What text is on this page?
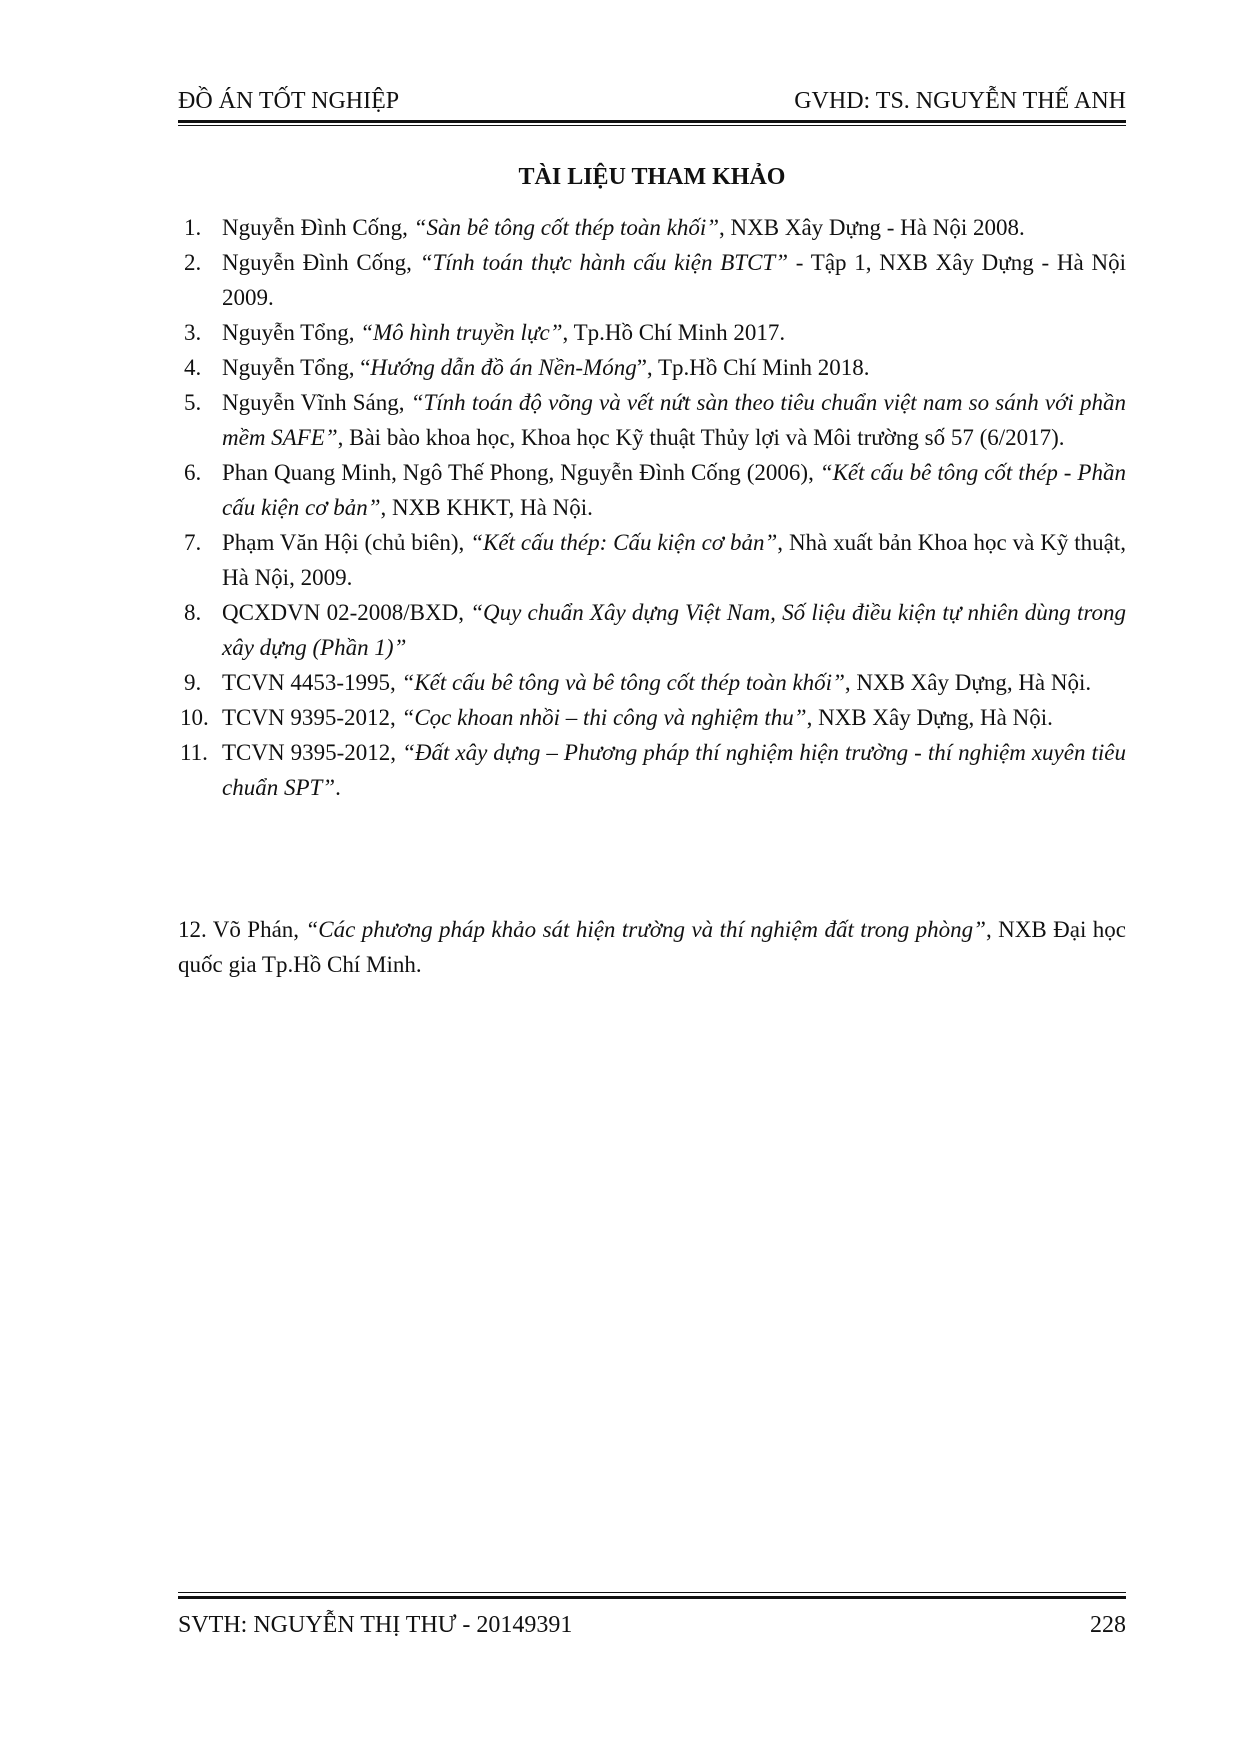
ĐỒ ÁN TỐT NGHIỆP	GVHD: TS. NGUYỄN THẾ ANH
TÀI LIỆU THAM KHẢO
1. Nguyễn Đình Cống, “Sàn bê tông cốt thép toàn khối”, NXB Xây Dựng - Hà Nội 2008.
2. Nguyễn Đình Cống, “Tính toán thực hành cấu kiện BTCT” - Tập 1, NXB Xây Dựng - Hà Nội 2009.
3. Nguyễn Tổng, “Mô hình truyền lực”, Tp.Hồ Chí Minh 2017.
4. Nguyễn Tổng, “Hướng dẫn đồ án Nền-Móng”, Tp.Hồ Chí Minh 2018.
5. Nguyễn Vĩnh Sáng, “Tính toán độ võng và vết nứt sàn theo tiêu chuẩn việt nam so sánh với phần mềm SAFE”, Bài bào khoa học, Khoa học Kỹ thuật Thủy lợi và Môi trường số 57 (6/2017).
6. Phan Quang Minh, Ngô Thế Phong, Nguyễn Đình Cống (2006), “Kết cấu bê tông cốt thép - Phần cấu kiện cơ bản”, NXB KHKT, Hà Nội.
7. Phạm Văn Hội (chủ biên), “Kết cấu thép: Cấu kiện cơ bản”, Nhà xuất bản Khoa học và Kỹ thuật, Hà Nội, 2009.
8. QCXDVN 02-2008/BXD, “Quy chuẩn Xây dựng Việt Nam, Số liệu điều kiện tự nhiên dùng trong xây dựng (Phần 1)”
9. TCVN 4453-1995, “Kết cấu bê tông và bê tông cốt thép toàn khối”, NXB Xây Dựng, Hà Nội.
10. TCVN 9395-2012, “Cọc khoan nhồi – thi công và nghiệm thu”, NXB Xây Dựng, Hà Nội.
11. TCVN 9395-2012, “Đất xây dựng – Phương pháp thí nghiệm hiện trường - thí nghiệm xuyên tiêu chuẩn SPT”.
12. Võ Phán, “Các phương pháp khảo sát hiện trường và thí nghiệm đất trong phòng”, NXB Đại học quốc gia Tp.Hồ Chí Minh.
SVTH: NGUYỄN THỊ THƯ - 20149391	228
